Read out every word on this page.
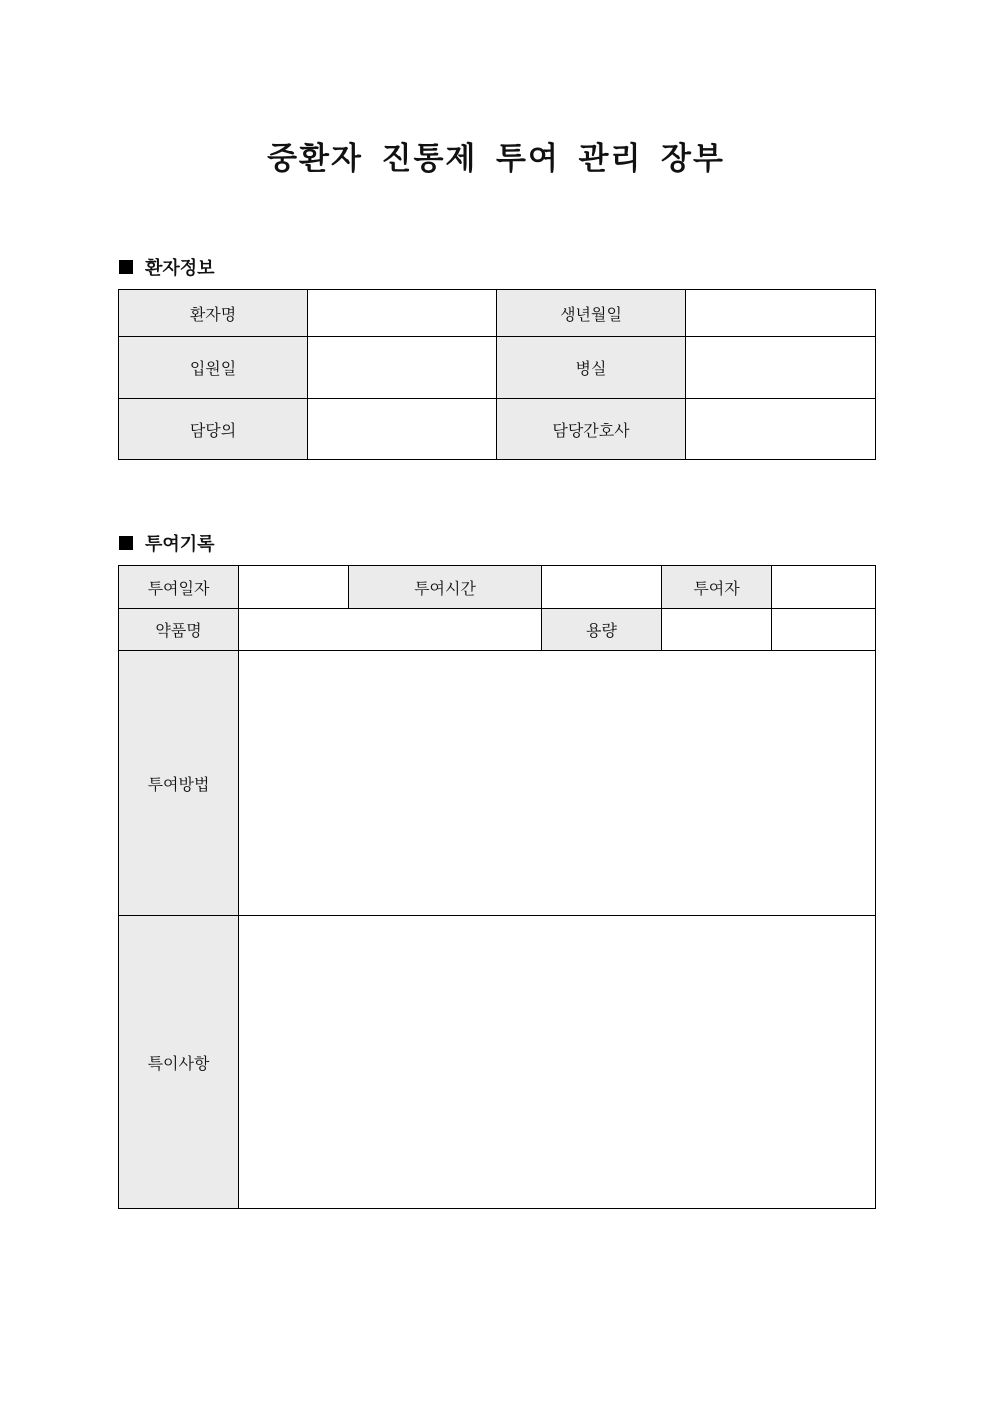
중환자 진통제 투여 관리 장부
환자정보
환자명		생년월일	
입원일		병실	
담당의		담당간호사	
투여기록
투여일자		투여시간		투여자	
약품명			용량		
투여방법					
특이사항					
